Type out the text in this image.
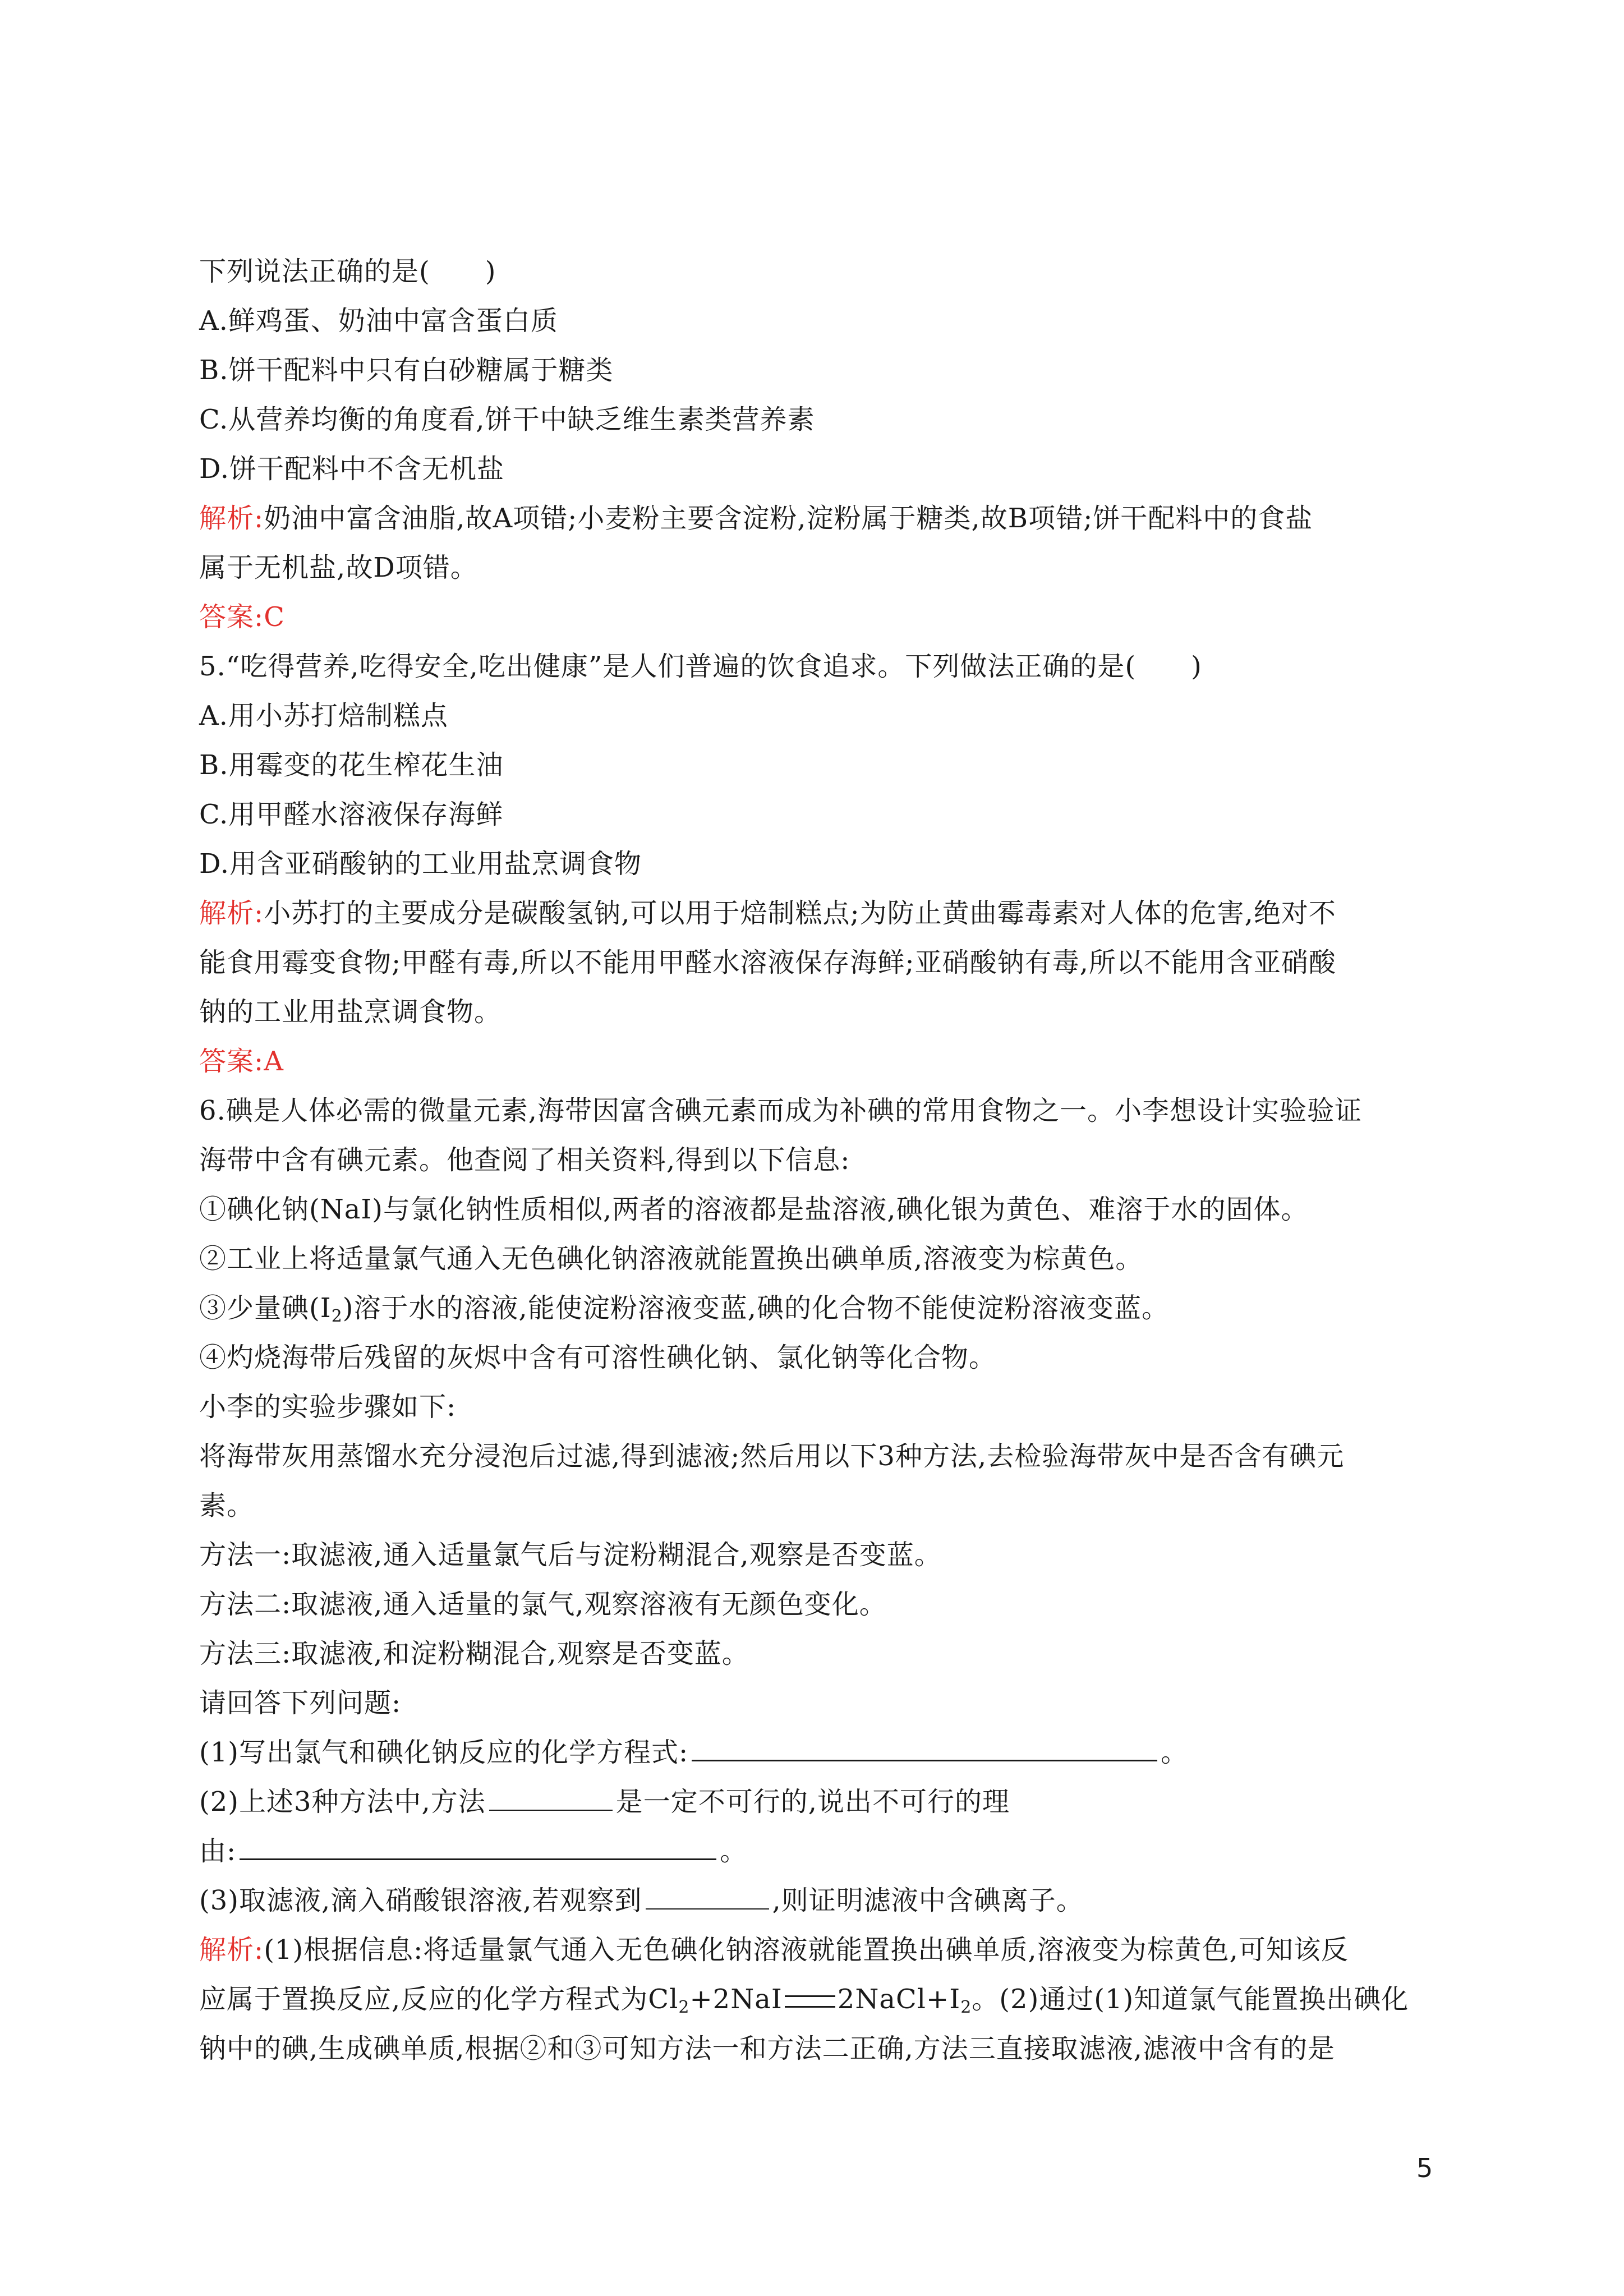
下列说法正确的是(　　)
A.鲜鸡蛋、奶油中富含蛋白质
B.饼干配料中只有白砂糖属于糖类
C.从营养均衡的角度看,饼干中缺乏维生素类营养素
D.饼干配料中不含无机盐
解析:奶油中富含油脂,故A项错;小麦粉主要含淀粉,淀粉属于糖类,故B项错;饼干配料中的食盐
属于无机盐,故D项错。
答案:C
5.“吃得营养,吃得安全,吃出健康”是人们普遍的饮食追求。下列做法正确的是(　　)
A.用小苏打焙制糕点
B.用霉变的花生榨花生油
C.用甲醛水溶液保存海鲜
D.用含亚硝酸钠的工业用盐烹调食物
解析:小苏打的主要成分是碳酸氢钠,可以用于焙制糕点;为防止黄曲霉毒素对人体的危害,绝对不
能食用霉变食物;甲醛有毒,所以不能用甲醛水溶液保存海鲜;亚硝酸钠有毒,所以不能用含亚硝酸
钠的工业用盐烹调食物。
答案:A
6.碘是人体必需的微量元素,海带因富含碘元素而成为补碘的常用食物之一。小李想设计实验验证
海带中含有碘元素。他查阅了相关资料,得到以下信息:
①碘化钠(NaI)与氯化钠性质相似,两者的溶液都是盐溶液,碘化银为黄色、难溶于水的固体。
②工业上将适量氯气通入无色碘化钠溶液就能置换出碘单质,溶液变为棕黄色。
③少量碘$(I_2)$溶于水的溶液,能使淀粉溶液变蓝,碘的化合物不能使淀粉溶液变蓝。
④灼烧海带后残留的灰烬中含有可溶性碘化钠、氯化钠等化合物。
小李的实验步骤如下:
将海带灰用蒸馏水充分浸泡后过滤,得到滤液;然后用以下3种方法,去检验海带灰中是否含有碘元
素。
方法一:取滤液,通入适量氯气后与淀粉糊混合,观察是否变蓝。
方法二:取滤液,通入适量的氯气,观察溶液有无颜色变化。
方法三:取滤液,和淀粉糊混合,观察是否变蓝。
请回答下列问题:
(1)写出氯气和碘化钠反应的化学方程式:	。
(2)上述3种方法中,方法	是一定不可行的,说出不可行的理
由:	。
(3)取滤液,滴入硝酸银溶液,若观察到	,则证明滤液中含碘离子。
解析:(1)根据信息:将适量氯气通入无色碘化钠溶液就能置换出碘单质,溶液变为棕黄色,可知该反
应属于置换反应,反应的化学方程式为$Cl_2+2NaI$ $2NaCl+I_2$。(2)通过(1)知道氯气能置换出碘化
钠中的碘,生成碘单质,根据②和③可知方法一和方法二正确,方法三直接取滤液,滤液中含有的是
5
